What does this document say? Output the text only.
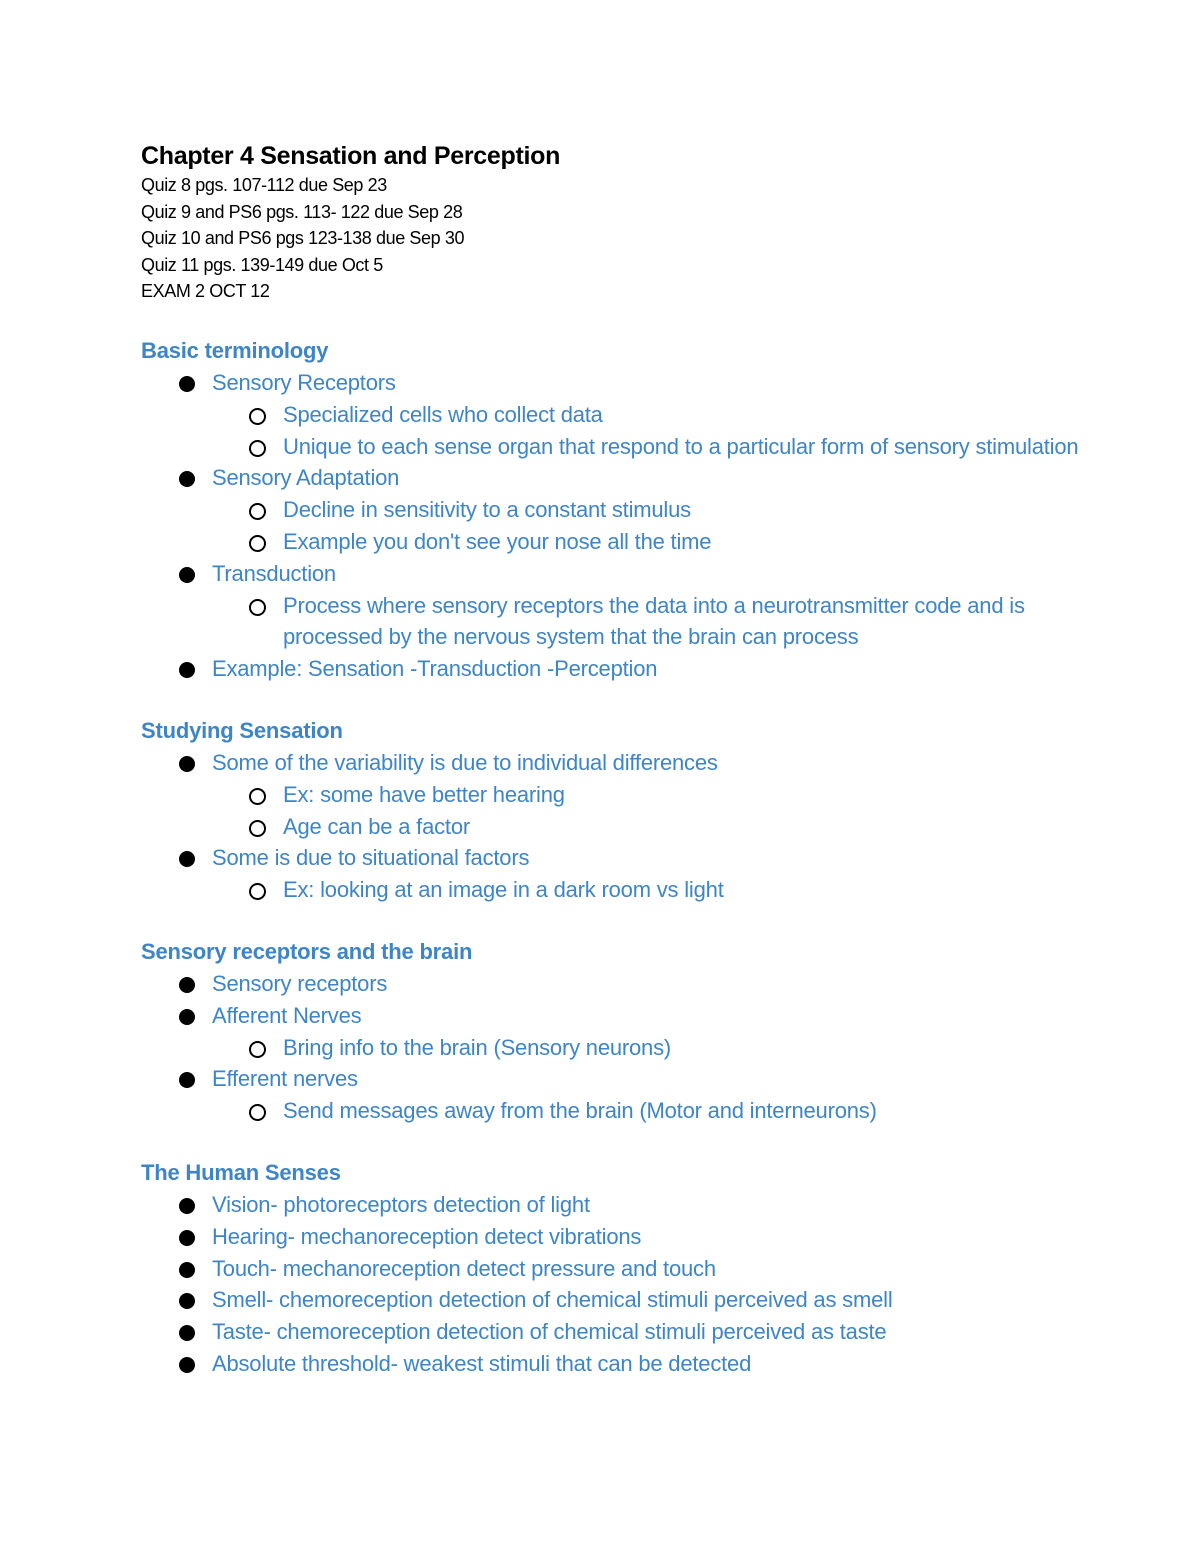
Chapter 4 Sensation and Perception

Quiz 8 pgs. 107-112 due Sep 23

Quiz 9 and PS6 pgs. 113- 122 due Sep 28

Quiz 10 and PS6 pgs 123-138 due Sep 30

Quiz 11 pgs. 139-149 due Oct 5

EXAM 2 OCT 12

Basic terminology
Sensory Receptors
Specialized cells who collect data
Unique to each sense organ that respond to a particular form of sensory stimulation
Sensory Adaptation
Decline in sensitivity to a constant stimulus
Example you don't see your nose all the time
Transduction
Process where sensory receptors the data into a neurotransmitter code and is processed by the nervous system that the brain can process
Example: Sensation -Transduction -Perception
Studying Sensation
Some of the variability is due to individual differences
Ex: some have better hearing
Age can be a factor
Some is due to situational factors
Ex: looking at an image in a dark room vs light
Sensory receptors and the brain
Sensory receptors
Afferent Nerves
Bring info to the brain (Sensory neurons)
Efferent nerves
Send messages away from the brain (Motor and interneurons)
The Human Senses
Vision- photoreceptors detection of light
Hearing- mechanoreception detect vibrations
Touch- mechanoreception detect pressure and touch
Smell- chemoreception detection of chemical stimuli perceived as smell
Taste- chemoreception detection of chemical stimuli perceived as taste
Absolute threshold- weakest stimuli that can be detected
